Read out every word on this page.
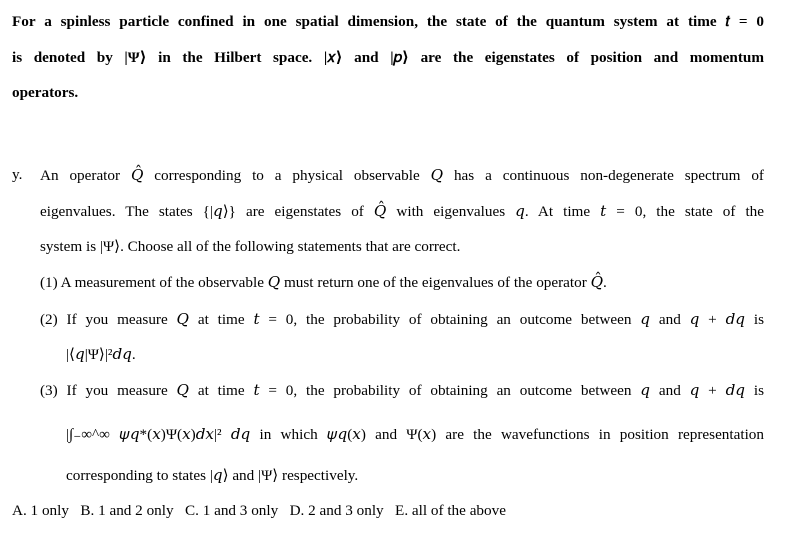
For a spinless particle confined in one spatial dimension, the state of the quantum system at time 𝑡 = 0
is denoted by |Ψ⟩ in the Hilbert space. |𝑥⟩ and |𝑝⟩ are the eigenstates of position and momentum
operators.
y. An operator 𝑄̂ corresponding to a physical observable 𝑄 has a continuous non-degenerate spectrum of
eigenvalues. The states {|𝑞⟩} are eigenstates of 𝑄̂ with eigenvalues 𝑞. At time 𝑡 = 0, the state of the
system is |Ψ⟩. Choose all of the following statements that are correct.
(1) A measurement of the observable 𝑄 must return one of the eigenvalues of the operator 𝑄̂.
(2) If you measure 𝑄 at time 𝑡 = 0, the probability of obtaining an outcome between 𝑞 and 𝑞 + 𝑑𝑞 is
|⟨𝑞|Ψ⟩|²𝑑𝑞.
(3) If you measure 𝑄 at time 𝑡 = 0, the probability of obtaining an outcome between 𝑞 and 𝑞 + 𝑑𝑞 is
|∫₋∞^∞ 𝜓𝑞*(𝑥)Ψ(𝑥)𝑑𝑥|² 𝑑𝑞 in which 𝜓𝑞(𝑥) and Ψ(𝑥) are the wavefunctions in position representation
corresponding to states |𝑞⟩ and |Ψ⟩ respectively.
A. 1 only   B. 1 and 2 only   C. 1 and 3 only   D. 2 and 3 only   E. all of the above
